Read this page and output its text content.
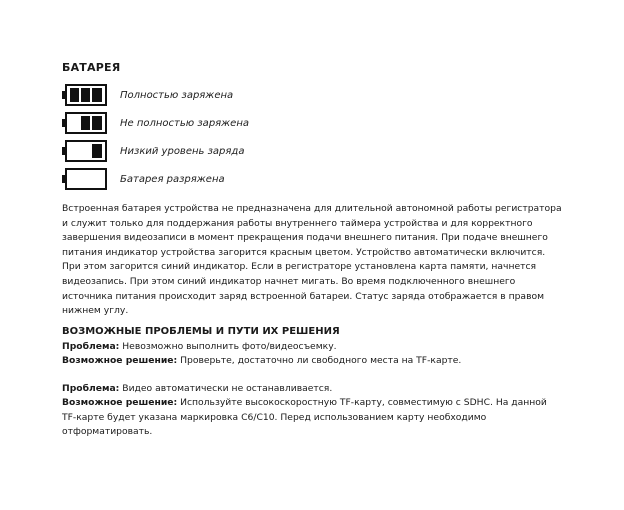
БАТАРЕЯ
Полностью заряжена
Не полностью заряжена
Низкий уровень заряда
Батарея разряжена

Встроенная батарея устройства не предназначена для длительной автономной работы регистратора и служит только для поддержания работы внутреннего таймера устройства и для корректного завершения видеозаписи в момент прекращения подачи внешнего питания. При подаче внешнего питания индикатор устройства загорится красным цветом. Устройство автоматически включится. При этом загорится синий индикатор. Если в регистраторе установлена карта памяти, начнется видеозапись. При этом синий индикатор начнет мигать. Во время подключенного внешнего источника питания происходит заряд встроенной батареи. Статус заряда отображается в правом нижнем углу.

ВОЗМОЖНЫЕ ПРОБЛЕМЫ И ПУТИ ИХ РЕШЕНИЯ

Проблема: Невозможно выполнить фото/видеосъемку.

Возможное решение: Проверьте, достаточно ли свободного места на TF-карте.

Проблема: Видео автоматически не останавливается.

Возможное решение: Используйте высокоскоростную TF-карту, совместимую с SDHC. На данной TF-карте будет указана маркировка C6/C10. Перед использованием карту необходимо отформатировать.
